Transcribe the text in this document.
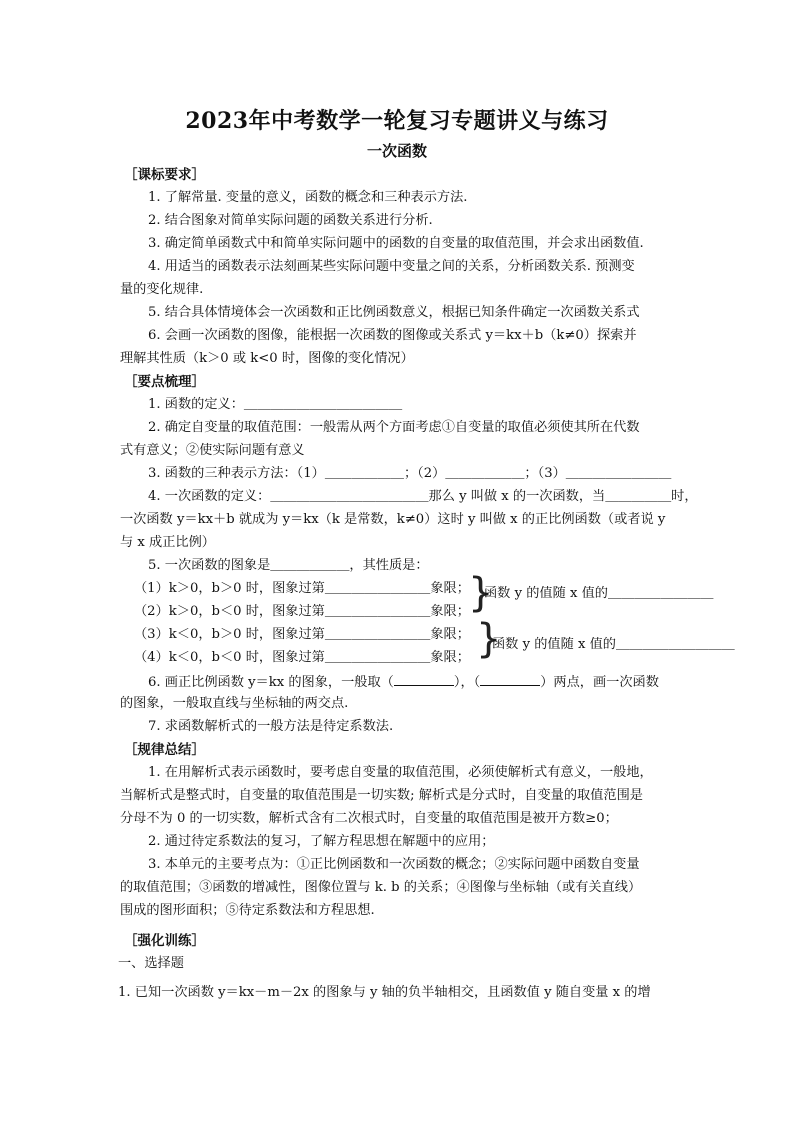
2023年中考数学一轮复习专题讲义与练习
一次函数
［课标要求］
1. 了解常量. 变量的意义，函数的概念和三种表示方法.
2. 结合图象对简单实际问题的函数关系进行分析.
3. 确定简单函数式中和简单实际问题中的函数的自变量的取值范围，并会求出函数值.
4. 用适当的函数表示法刻画某些实际问题中变量之间的关系，分析函数关系. 预测变
量的变化规律.
5. 结合具体情境体会一次函数和正比例函数意义，根据已知条件确定一次函数关系式
6. 会画一次函数的图像，能根据一次函数的图像或关系式 y＝kx＋b（k≠0）探索并
理解其性质（k＞0 或 k<0 时，图像的变化情况）
［要点梳理］
1. 函数的定义：＿＿＿＿＿＿＿＿＿＿＿＿
2. 确定自变量的取值范围：一般需从两个方面考虑①自变量的取值必须使其所在代数
式有意义；②使实际问题有意义
3. 函数的三种表示方法：（1）＿＿＿＿＿＿；（2）＿＿＿＿＿＿；（3）＿＿＿＿＿＿＿＿
4. 一次函数的定义：＿＿＿＿＿＿＿＿＿＿＿＿那么 y 叫做 x 的一次函数，当＿＿＿＿＿时，
一次函数 y＝kx＋b 就成为 y＝kx（k 是常数，k≠0）这时 y 叫做 x 的正比例函数（或者说 y
与 x 成正比例）
5. 一次函数的图象是＿＿＿＿＿＿，其性质是：
（1）k＞0，b＞0 时，图象过第＿＿＿＿＿＿＿＿象限；
（2）k＞0，b＜0 时，图象过第＿＿＿＿＿＿＿＿象限；
（3）k＜0，b＞0 时，图象过第＿＿＿＿＿＿＿＿象限；
（4）k＜0，b＜0 时，图象过第＿＿＿＿＿＿＿＿象限；
}
函数 y 的值随 x 值的＿＿＿＿＿＿＿＿
}
函数 y 的值随 x 值的＿＿＿＿＿＿＿＿＿
6. 画正比例函数 y＝kx 的图象，一般取（	），（	）两点，画一次函数
的图象，一般取直线与坐标轴的两交点.
7. 求函数解析式的一般方法是待定系数法.
［规律总结］
1. 在用解析式表示函数时，要考虑自变量的取值范围，必须使解析式有意义，一般地，
当解析式是整式时，自变量的取值范围是一切实数; 解析式是分式时，自变量的取值范围是
分母不为 0 的一切实数，解析式含有二次根式时，自变量的取值范围是被开方数≥0；
2. 通过待定系数法的复习，了解方程思想在解题中的应用；
3. 本单元的主要考点为：①正比例函数和一次函数的概念；②实际问题中函数自变量
的取值范围；③函数的增减性，图像位置与 k. b 的关系；④图像与坐标轴（或有关直线）
围成的图形面积；⑤待定系数法和方程思想.
［强化训练］
一、选择题
1. 已知一次函数 y＝kx－m－2x 的图象与 y 轴的负半轴相交，且函数值 y 随自变量 x 的增
